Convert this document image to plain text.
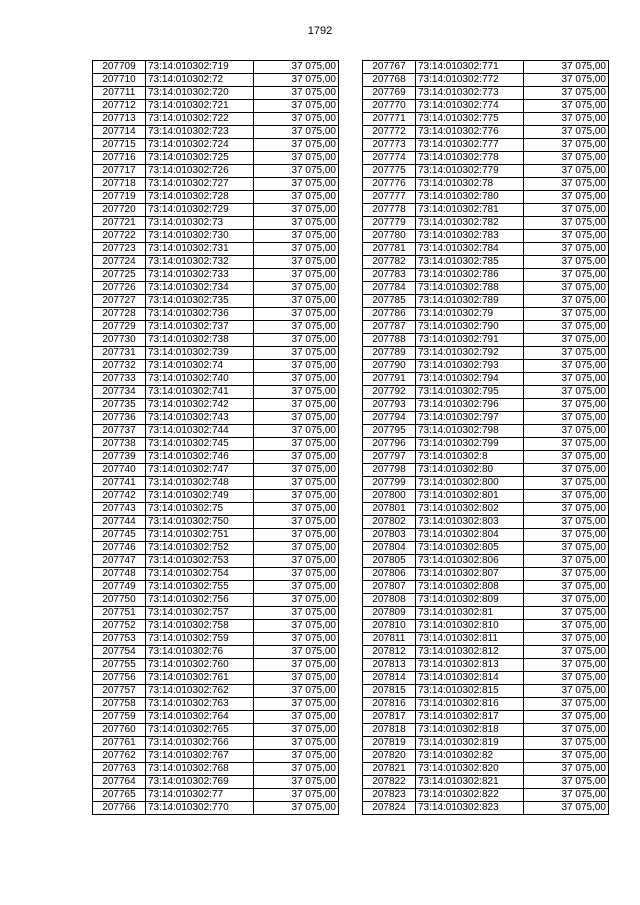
1792
207709	73:14:010302:719	37 075,00
207710	73:14:010302:72	37 075,00
207711	73:14:010302:720	37 075,00
207712	73:14:010302:721	37 075,00
207713	73:14:010302:722	37 075,00
207714	73:14:010302:723	37 075,00
207715	73:14:010302:724	37 075,00
207716	73:14:010302:725	37 075,00
207717	73:14:010302:726	37 075,00
207718	73:14:010302:727	37 075,00
207719	73:14:010302:728	37 075,00
207720	73:14:010302:729	37 075,00
207721	73:14:010302:73	37 075,00
207722	73:14:010302:730	37 075,00
207723	73:14:010302:731	37 075,00
207724	73:14:010302:732	37 075,00
207725	73:14:010302:733	37 075,00
207726	73:14:010302:734	37 075,00
207727	73:14:010302:735	37 075,00
207728	73:14:010302:736	37 075,00
207729	73:14:010302:737	37 075,00
207730	73:14:010302:738	37 075,00
207731	73:14:010302:739	37 075,00
207732	73:14:010302:74	37 075,00
207733	73:14:010302:740	37 075,00
207734	73:14:010302:741	37 075,00
207735	73:14:010302:742	37 075,00
207736	73:14:010302:743	37 075,00
207737	73:14:010302:744	37 075,00
207738	73:14:010302:745	37 075,00
207739	73:14:010302:746	37 075,00
207740	73:14:010302:747	37 075,00
207741	73:14:010302:748	37 075,00
207742	73:14:010302:749	37 075,00
207743	73:14:010302:75	37 075,00
207744	73:14:010302:750	37 075,00
207745	73:14:010302:751	37 075,00
207746	73:14:010302:752	37 075,00
207747	73:14:010302:753	37 075,00
207748	73:14:010302:754	37 075,00
207749	73:14:010302:755	37 075,00
207750	73:14:010302:756	37 075,00
207751	73:14:010302:757	37 075,00
207752	73:14:010302:758	37 075,00
207753	73:14:010302:759	37 075,00
207754	73:14:010302:76	37 075,00
207755	73:14:010302:760	37 075,00
207756	73:14:010302:761	37 075,00
207757	73:14:010302:762	37 075,00
207758	73:14:010302:763	37 075,00
207759	73:14:010302:764	37 075,00
207760	73:14:010302:765	37 075,00
207761	73:14:010302:766	37 075,00
207762	73:14:010302:767	37 075,00
207763	73:14:010302:768	37 075,00
207764	73:14:010302:769	37 075,00
207765	73:14:010302:77	37 075,00
207766	73:14:010302:770	37 075,00
207767	73:14:010302:771	37 075,00
207768	73:14:010302:772	37 075,00
207769	73:14:010302:773	37 075,00
207770	73:14:010302:774	37 075,00
207771	73:14:010302:775	37 075,00
207772	73:14:010302:776	37 075,00
207773	73:14:010302:777	37 075,00
207774	73:14:010302:778	37 075,00
207775	73:14:010302:779	37 075,00
207776	73:14:010302:78	37 075,00
207777	73:14:010302:780	37 075,00
207778	73:14:010302:781	37 075,00
207779	73:14:010302:782	37 075,00
207780	73:14:010302:783	37 075,00
207781	73:14:010302:784	37 075,00
207782	73:14:010302:785	37 075,00
207783	73:14:010302:786	37 075,00
207784	73:14:010302:788	37 075,00
207785	73:14:010302:789	37 075,00
207786	73:14:010302:79	37 075,00
207787	73:14:010302:790	37 075,00
207788	73:14:010302:791	37 075,00
207789	73:14:010302:792	37 075,00
207790	73:14:010302:793	37 075,00
207791	73:14:010302:794	37 075,00
207792	73:14:010302:795	37 075,00
207793	73:14:010302:796	37 075,00
207794	73:14:010302:797	37 075,00
207795	73:14:010302:798	37 075,00
207796	73:14:010302:799	37 075,00
207797	73:14:010302:8	37 075,00
207798	73:14:010302:80	37 075,00
207799	73:14:010302:800	37 075,00
207800	73:14:010302:801	37 075,00
207801	73:14:010302:802	37 075,00
207802	73:14:010302:803	37 075,00
207803	73:14:010302:804	37 075,00
207804	73:14:010302:805	37 075,00
207805	73:14:010302:806	37 075,00
207806	73:14:010302:807	37 075,00
207807	73:14:010302:808	37 075,00
207808	73:14:010302:809	37 075,00
207809	73:14:010302:81	37 075,00
207810	73:14:010302:810	37 075,00
207811	73:14:010302:811	37 075,00
207812	73:14:010302:812	37 075,00
207813	73:14:010302:813	37 075,00
207814	73:14:010302:814	37 075,00
207815	73:14:010302:815	37 075,00
207816	73:14:010302:816	37 075,00
207817	73:14:010302:817	37 075,00
207818	73:14:010302:818	37 075,00
207819	73:14:010302:819	37 075,00
207820	73:14:010302:82	37 075,00
207821	73:14:010302:820	37 075,00
207822	73:14:010302:821	37 075,00
207823	73:14:010302:822	37 075,00
207824	73:14:010302:823	37 075,00
